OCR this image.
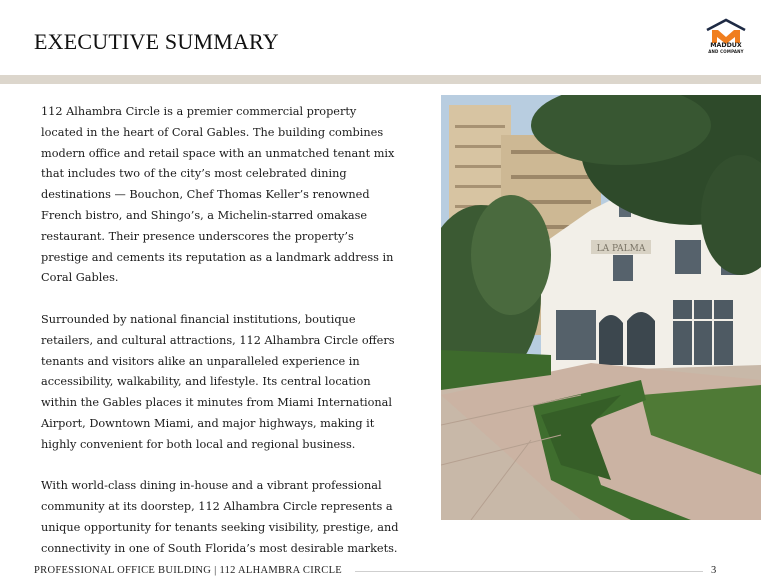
EXECUTIVE SUMMARY	MADDUX
AND COMPANY

112 Alhambra Circle is a premier commercial property located in the heart of Coral Gables. The building combines modern office and retail space with an unmatched tenant mix that includes two of the city’s most celebrated dining destinations — Bouchon, Chef Thomas Keller’s renowned French bistro, and Shingo’s, a Michelin-starred omakase restaurant. Their presence underscores the property’s prestige and cements its reputation as a landmark address in Coral Gables.

Surrounded by national financial institutions, boutique retailers, and cultural attractions, 112 Alhambra Circle offers tenants and visitors alike an unparalleled experience in accessibility, walkability, and lifestyle. Its central location within the Gables places it minutes from Miami International Airport, Downtown Miami, and major highways, making it highly convenient for both local and regional business.

With world-class dining in-house and a vibrant professional community at its doorstep, 112 Alhambra Circle represents a unique opportunity for tenants seeking visibility, prestige, and connectivity in one of South Florida’s most desirable markets.

LA PALMA
PROFESSIONAL OFFICE BUILDING | 112 ALHAMBRA CIRCLE	3
